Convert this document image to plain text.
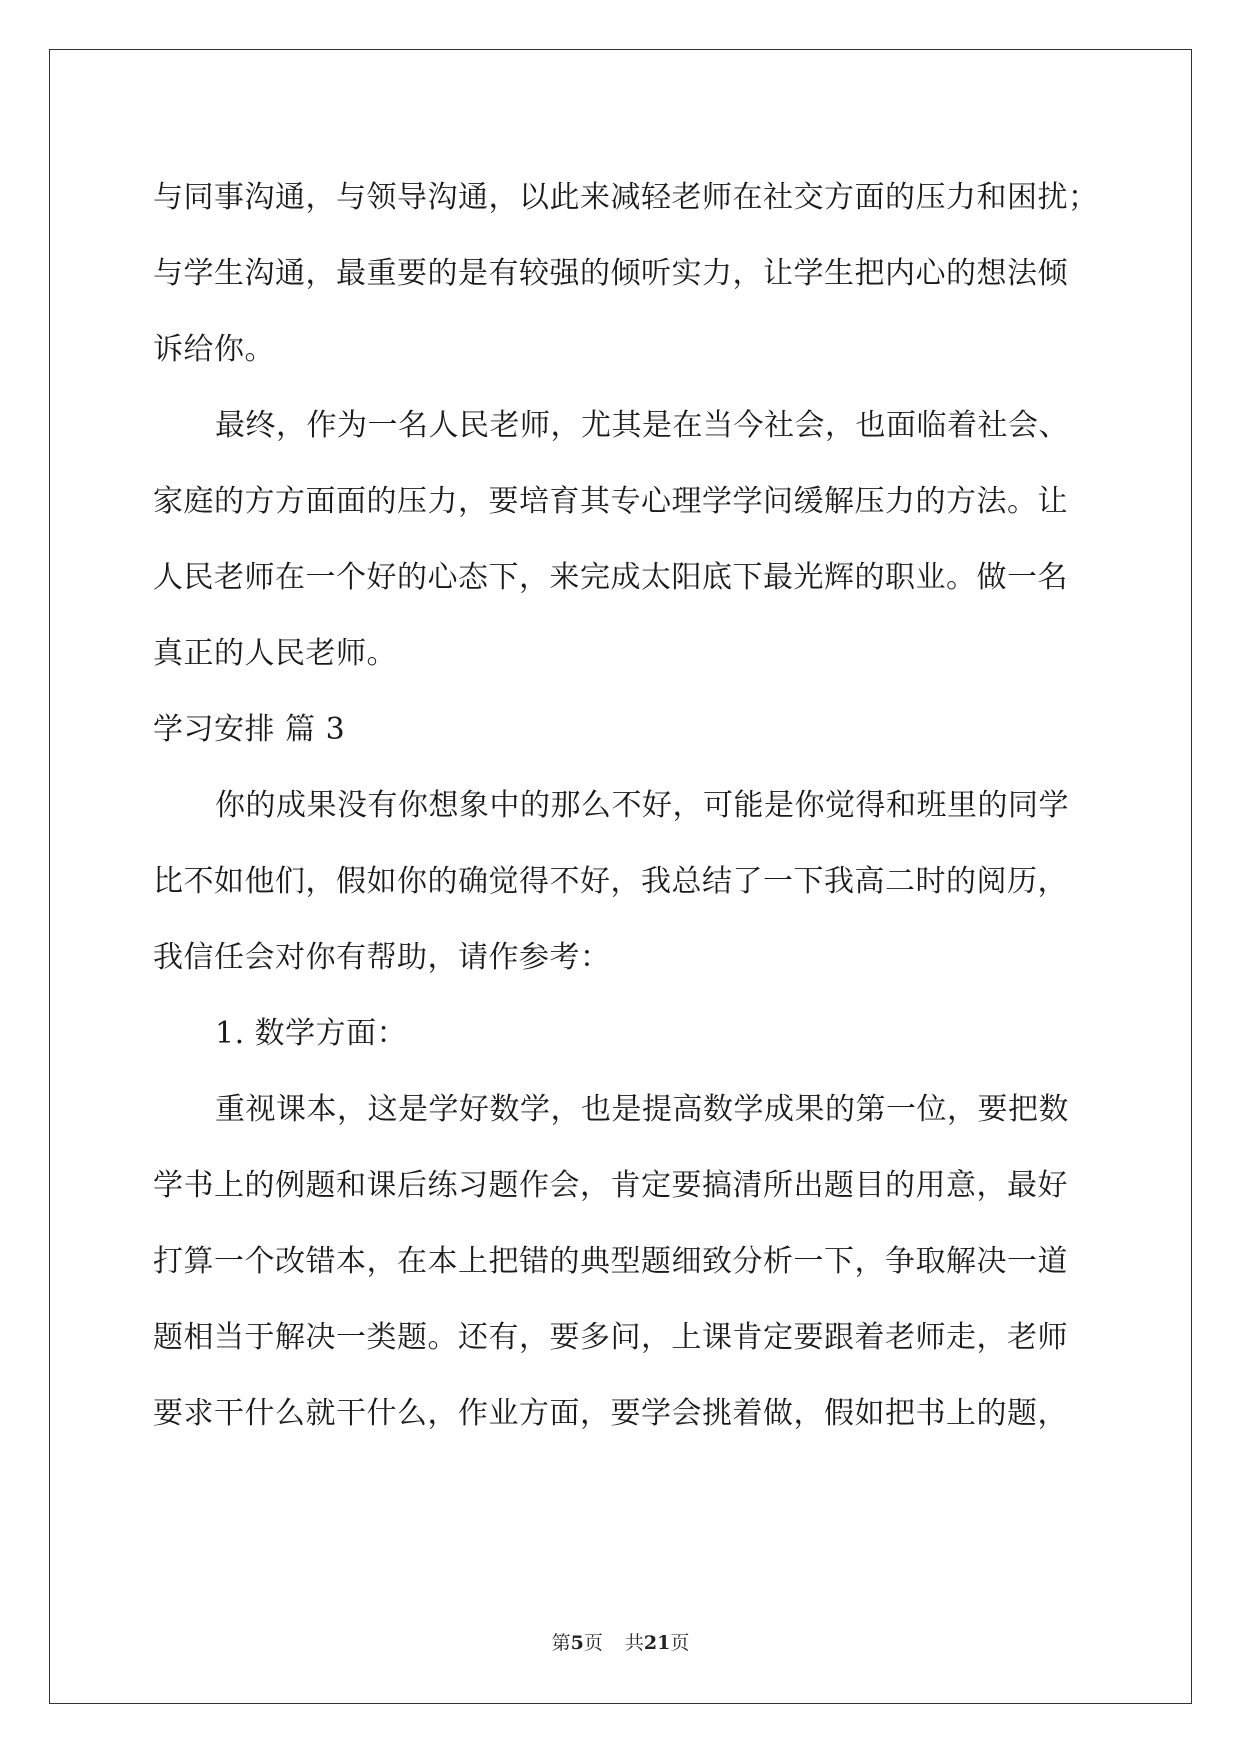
与同事沟通，与领导沟通，以此来减轻老师在社交方面的压力和困扰；
与学生沟通，最重要的是有较强的倾听实力，让学生把内心的想法倾
诉给你。
最终，作为一名人民老师，尤其是在当今社会，也面临着社会、
家庭的方方面面的压力，要培育其专心理学学问缓解压力的方法。让
人民老师在一个好的心态下，来完成太阳底下最光辉的职业。做一名
真正的人民老师。
学习安排 篇 3
你的成果没有你想象中的那么不好，可能是你觉得和班里的同学
比不如他们，假如你的确觉得不好，我总结了一下我高二时的阅历，
我信任会对你有帮助，请作参考：
1. 数学方面：
重视课本，这是学好数学，也是提高数学成果的第一位，要把数
学书上的例题和课后练习题作会，肯定要搞清所出题目的用意，最好
打算一个改错本，在本上把错的典型题细致分析一下，争取解决一道
题相当于解决一类题。还有，要多问，上课肯定要跟着老师走，老师
要求干什么就干什么，作业方面，要学会挑着做，假如把书上的题，
第5页 共21页
